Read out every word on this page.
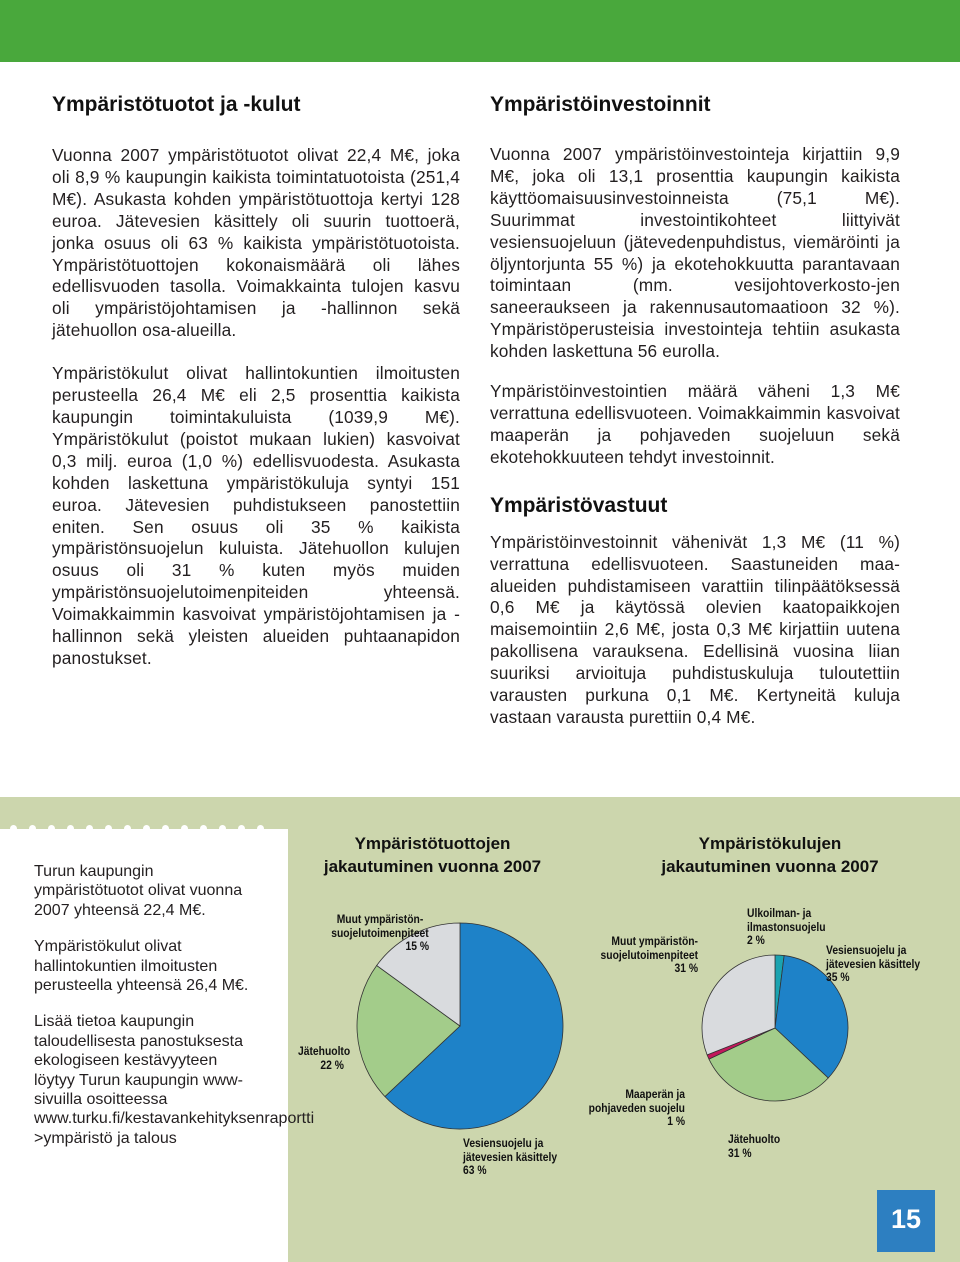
Ympäristötuotot ja -kulut

Vuonna 2007 ympäristötuotot olivat 22,4 M€, joka oli 8,9 % kaupungin kaikista toimintatuotoista (251,4 M€). Asukasta kohden ympäristötuottoja kertyi 128 euroa. Jätevesien käsittely oli suurin tuottoerä, jonka osuus oli 63 % kaikista ympäristötuotoista. Ympäristötuottojen kokonaismäärä oli lähes edellisvuoden tasolla. Voimakkainta tulojen kasvu oli ympäristöjohtamisen ja -hallinnon sekä jätehuollon osa-alueilla.

Ympäristökulut olivat hallintokuntien ilmoitusten perusteella 26,4 M€ eli 2,5 prosenttia kaikista kaupungin toimintakuluista (1039,9 M€). Ympäristökulut (poistot mukaan lukien) kasvoivat 0,3 milj. euroa (1,0 %) edellisvuodesta. Asukasta kohden laskettuna ympäristökuluja syntyi 151 euroa. Jätevesien puhdistukseen panostettiin eniten. Sen osuus oli 35 % kaikista ympäristönsuojelun kuluista. Jätehuollon kulujen osuus oli 31 % kuten myös muiden ympäristönsuojelutoimenpiteiden yhteensä. Voimakkaimmin kasvoivat ympäristöjohtamisen ja -hallinnon sekä yleisten alueiden puhtaanapidon panostukset.

Ympäristöinvestoinnit

Vuonna 2007 ympäristöinvestointeja kirjattiin 9,9 M€, joka oli 13,1 prosenttia kaupungin kaikista käyttöomaisuusinvestoinneista (75,1 M€). Suurimmat investointikohteet liittyivät vesiensuojeluun (jätevedenpuhdistus, viemäröinti ja öljyntorjunta 55 %) ja ekotehokkuutta parantavaan toimintaan (mm. vesijohtoverkosto-jen saneeraukseen ja rakennusautomaatioon 32 %). Ympäristöperusteisia investointeja tehtiin asukasta kohden laskettuna 56 eurolla.

Ympäristöinvestointien määrä väheni 1,3 M€ verrattuna edellisvuoteen. Voimakkaimmin kasvoivat maaperän ja pohjaveden suojeluun sekä ekotehokkuuteen tehdyt investoinnit.

Ympäristövastuut

Ympäristöinvestoinnit vähenivät 1,3 M€ (11 %) verrattuna edellisvuoteen. Saastuneiden maa-alueiden puhdistamiseen varattiin tilinpäätöksessä 0,6 M€ ja käytössä olevien kaatopaikkojen maisemointiin 2,6 M€, josta 0,3 M€ kirjattiin uutena pakollisena varauksena. Edellisinä vuosina liian suuriksi arvioituja puhdistuskuluja tuloutettiin varausten purkuna 0,1 M€. Kertyneitä kuluja vastaan varausta purettiin 0,4 M€.

Turun kaupungin ympäristötuotot olivat vuonna 2007 yhteensä 22,4 M€.

Ympäristökulut olivat hallintokuntien ilmoitusten perusteella yhteensä 26,4 M€.

Lisää tietoa kaupungin taloudellisesta panostuksesta ekologiseen kestävyyteen löytyy Turun kaupungin www-sivuilla osoitteessa www.turku.fi/kestavankehityksenraportti >ympäristö ja talous

Ympäristötuottojen
jakautuminen vuonna 2007
Muut ympäristön-
suojelutoimenpiteet
15 %
Jätehuolto
22 %
Vesiensuojelu ja
jätevesien käsittely
63 %
Ympäristökulujen
jakautuminen vuonna 2007
Ulkoilman- ja
ilmastonsuojelu
2 %
Vesiensuojelu ja
jätevesien käsittely
35 %
Muut ympäristön-
suojelutoimenpiteet
31 %
Maaperän ja
pohjaveden suojelu
1 %
Jätehuolto
31 %
15
